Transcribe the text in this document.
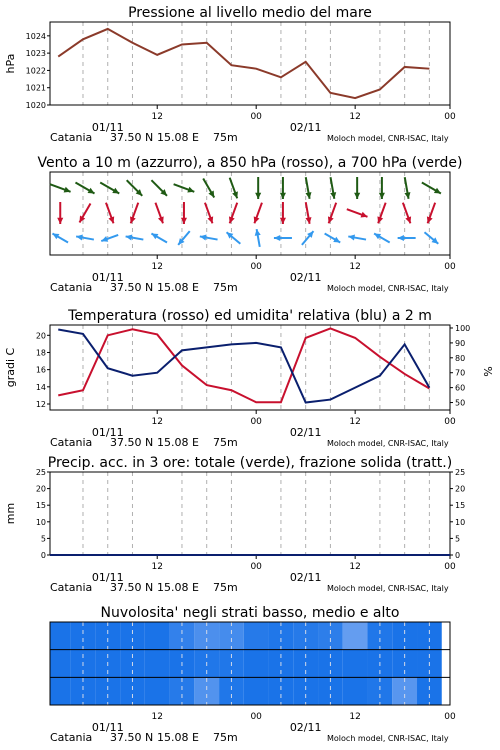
Pressione al livello medio del mare
12	00	12	00
01/11	02/11
Catania 37.50 N 15.08 E 75m	Moloch model, CNR-ISAC, Italy
1020
1021
1022
1023
1024
hPa
Vento a 10 m (azzurro), a 850 hPa (rosso), a 700 hPa (verde)
12	00	12	00
01/11	02/11
Catania 37.50 N 15.08 E 75m	Moloch model, CNR-ISAC, Italy
Temperatura (rosso) ed umidita' relativa (blu) a 2 m
12	00	12	00
01/11	02/11
Catania 37.50 N 15.08 E 75m	Moloch model, CNR-ISAC, Italy
12
14
16
18
20
50
60
70
80
90
100
gradi C	%
Precip. acc. in 3 ore: totale (verde), frazione solida (tratt.)
12	00	12	00
01/11	02/11
Catania 37.50 N 15.08 E 75m	Moloch model, CNR-ISAC, Italy
0	0
5	5
10	10
15	15
20	20
25	25
mm
Nuvolosita' negli strati basso, medio e alto
12	00	12	00
01/11	02/11
Catania 37.50 N 15.08 E 75m	Moloch model, CNR-ISAC, Italy
